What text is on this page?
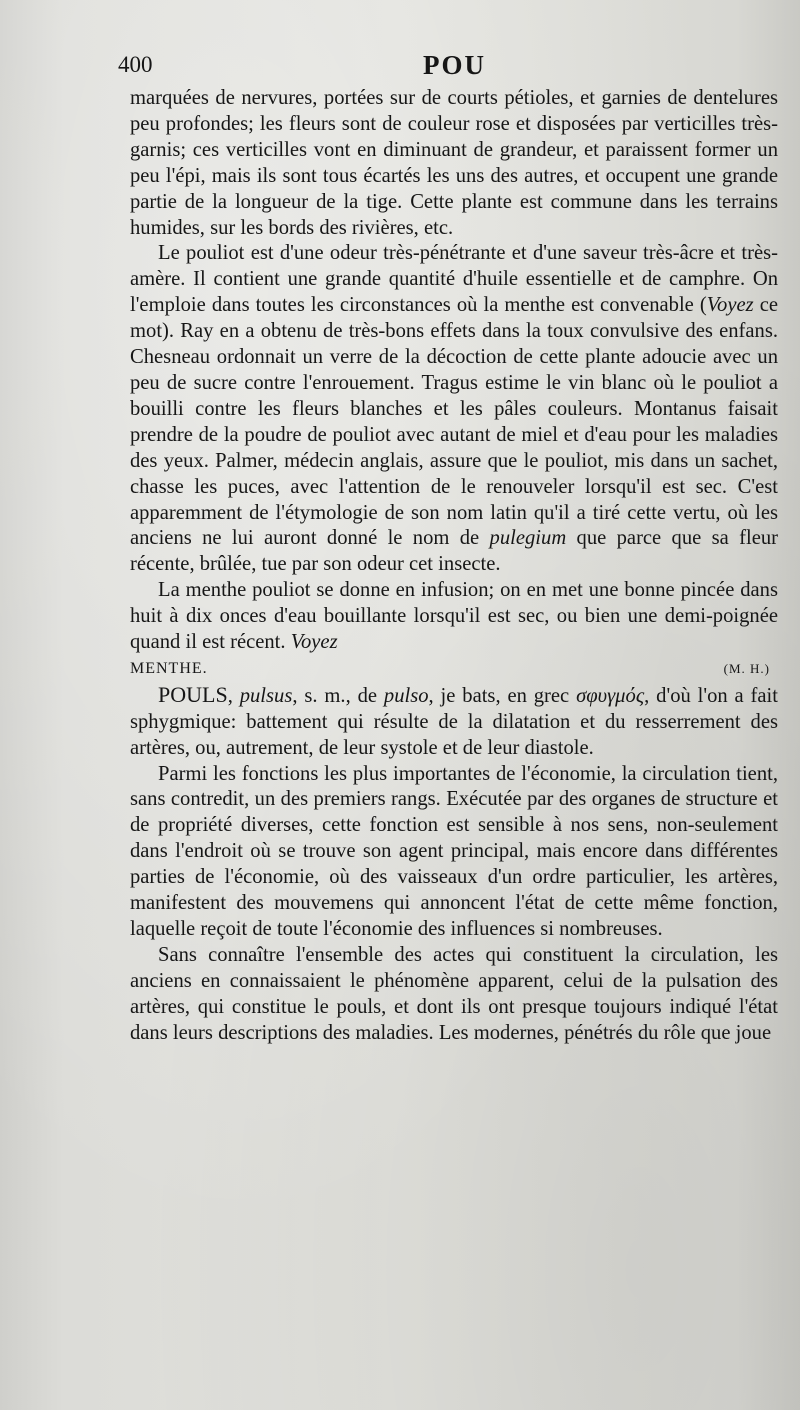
400	POU

marquées de nervures, portées sur de courts pétioles, et garnies de dentelures peu profondes; les fleurs sont de couleur rose et disposées par verticilles très-garnis; ces verticilles vont en diminuant de grandeur, et paraissent former un peu l'épi, mais ils sont tous écartés les uns des autres, et occupent une grande partie de la longueur de la tige. Cette plante est commune dans les terrains humides, sur les bords des rivières, etc.

Le pouliot est d'une odeur très-pénétrante et d'une saveur très-âcre et très-amère. Il contient une grande quantité d'huile essentielle et de camphre. On l'emploie dans toutes les circonstances où la menthe est convenable (Voyez ce mot). Ray en a obtenu de très-bons effets dans la toux convulsive des enfans. Chesneau ordonnait un verre de la décoction de cette plante adoucie avec un peu de sucre contre l'enrouement. Tragus estime le vin blanc où le pouliot a bouilli contre les fleurs blanches et les pâles couleurs. Montanus faisait prendre de la poudre de pouliot avec autant de miel et d'eau pour les maladies des yeux. Palmer, médecin anglais, assure que le pouliot, mis dans un sachet, chasse les puces, avec l'attention de le renouveler lorsqu'il est sec. C'est apparemment de l'étymologie de son nom latin qu'il a tiré cette vertu, où les anciens ne lui auront donné le nom de pulegium que parce que sa fleur récente, brûlée, tue par son odeur cet insecte.

La menthe pouliot se donne en infusion; on en met une bonne pincée dans huit à dix onces d'eau bouillante lorsqu'il est sec, ou bien une demi-poignée quand il est récent. Voyez

MENTHE.	(M. H.)

POULS, pulsus, s. m., de pulso, je bats, en grec σφυγμός, d'où l'on a fait sphygmique: battement qui résulte de la dilatation et du resserrement des artères, ou, autrement, de leur systole et de leur diastole.

Parmi les fonctions les plus importantes de l'économie, la circulation tient, sans contredit, un des premiers rangs. Exécutée par des organes de structure et de propriété diverses, cette fonction est sensible à nos sens, non-seulement dans l'endroit où se trouve son agent principal, mais encore dans différentes parties de l'économie, où des vaisseaux d'un ordre particulier, les artères, manifestent des mouvemens qui annoncent l'état de cette même fonction, laquelle reçoit de toute l'économie des influences si nombreuses.

Sans connaître l'ensemble des actes qui constituent la circulation, les anciens en connaissaient le phénomène apparent, celui de la pulsation des artères, qui constitue le pouls, et dont ils ont presque toujours indiqué l'état dans leurs descriptions des maladies. Les modernes, pénétrés du rôle que joue
